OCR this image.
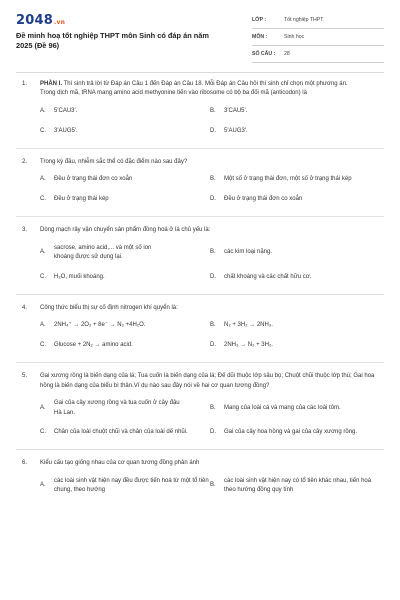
2048.vn
Đề minh hoạ tốt nghiệp THPT môn Sinh có đáp án năm 2025 (Đề 96)
LỚP :	Tốt nghiệp THPT
MÔN :	Sinh học
SỐ CÂU : 28
1. PHẦN I. Thí sinh trả lời từ Đáp án Câu 1 đến Đáp án Câu 18. Mỗi Đáp án Câu hỏi thí sinh chỉ chọn một phương án.

Trong dịch mã, tRNA mang amino acid methyonine tiến vào ribosome có bộ ba đối mã (anticodon) là

A. 5'CAU3'.	B. 3'CAU5'.
C. 3'AUG5'.	D. 5'AUG3'.
2. Trong kỳ đầu, nhiễm sắc thể có đặc điểm nào sau đây?
A. Đều ở trạng thái đơn co xoắn	B. Một số ở trạng thái đơn, một số ở trạng thái kép
C. Đều ở trạng thái kép	D. Đều ở trạng thái đơn co xoắn
3. Dòng mạch rây vận chuyển sản phẩm đồng hoá ở lá chủ yếu là:
A.
sacrose, amino acid,... và một số ion khoáng được sử dụng lại.
B. các kim loại nặng.
C. H₂O, muối khoáng.	D. chất khoáng và các chất hữu cơ.
4. Công thức biểu thị sự cố định nitrogen khí quyển là:
A. 2NH₄⁺ → 2O₂ + 8e⁻ → N₂ +4H₂O.	B. N₂ + 3H₂ → 2NH₃.
C. Glucose + 2N₂ → amino acid.	D. 2NH₃ → N₂ + 3H₂.
5. Gai xương rồng là biến dạng của lá; Tua cuốn là biến dạng của lá; Đế dũi thuộc lớp sâu bọ; Chuột chũi thuộc lớp thú; Gai hoa hồng là biến dạng của biểu bì thân.Ví dụ nào sau đây nói về hai cơ quan tương đồng?
A.
Gai của cây xương rồng và tua cuốn ở cây đậu Hà Lan.
B. Mang của loài cá và mang của các loài tôm.
C. Chân của loài chuột chũi và chân của loài dế nhũi.	D. Gai của cây hoa hồng và gai của cây xương rồng.
6. Kiểu cấu tạo giống nhau của cơ quan tương đồng phản ánh
A.
các loài sinh vật hiện nay đều được tiến hoá từ một tổ tiên chung, theo hướng
B.
các loài sinh vật hiện nay có tổ tiên khác nhau, tiến hoá theo hướng đồng quy tính
